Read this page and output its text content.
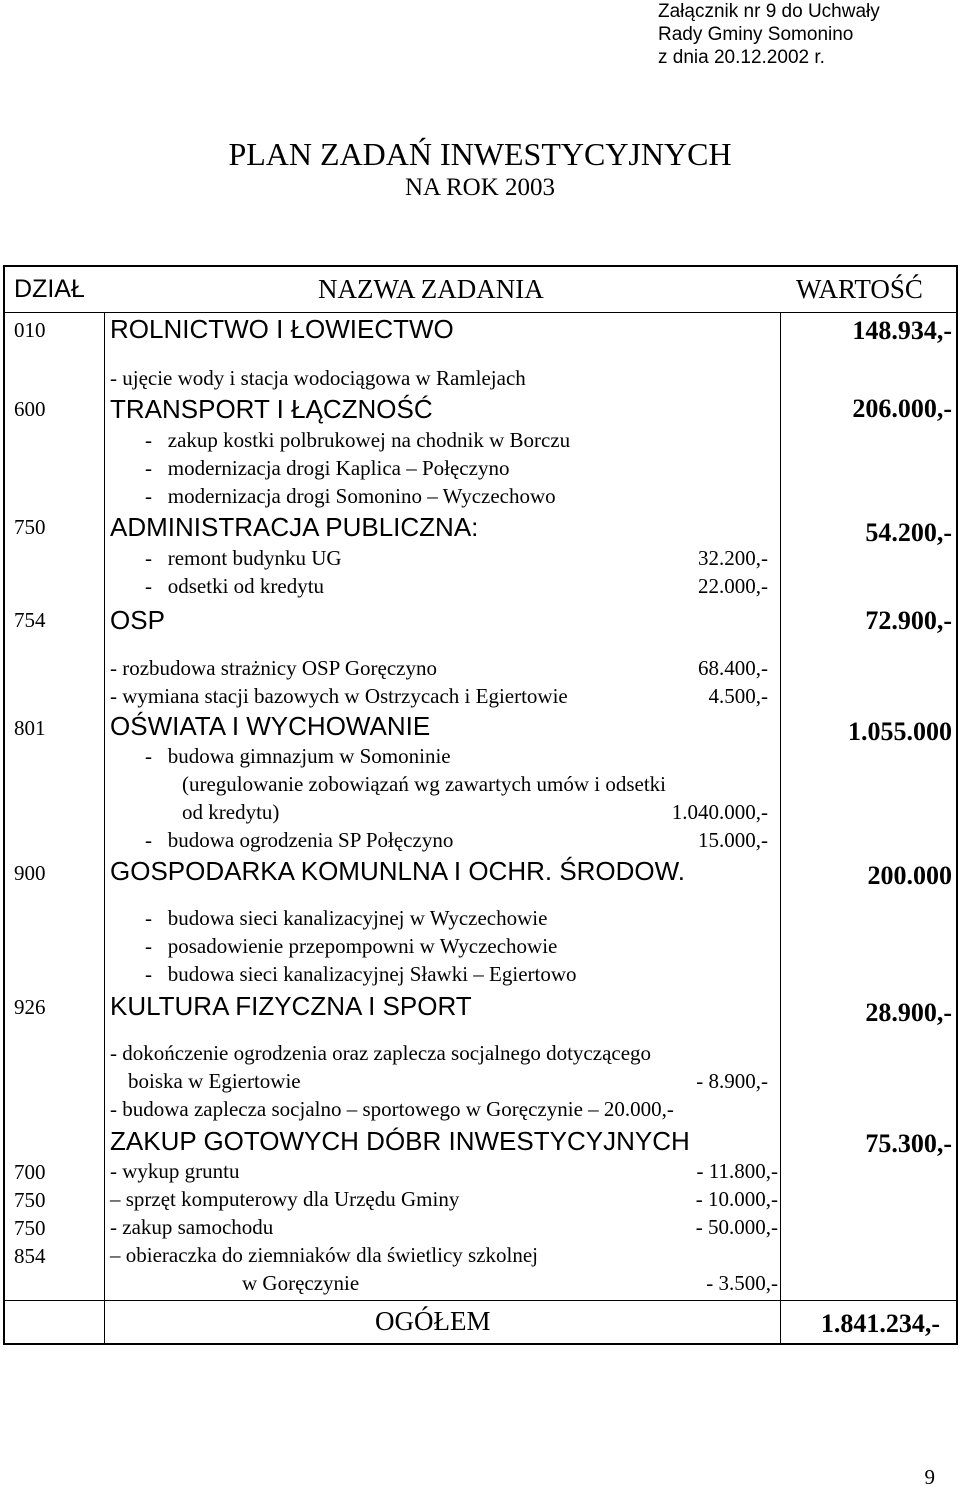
Załącznik nr 9 do Uchwały
Rady Gminy Somonino
z dnia 20.12.2002 r.
PLAN ZADAŃ INWESTYCYJNYCH
NA ROK 2003
DZIAŁ	NAZWA ZADANIA	WARTOŚĆ
010 ROLNICTWO I ŁOWIECTWO	148.934,-
- ujęcie wody i stacja wodociągowa w Ramlejach
600 TRANSPORT I ŁĄCZNOŚĆ	206.000,-
-   zakup kostki polbrukowej na chodnik w Borczu
-   modernizacja drogi Kaplica – Połęczyno
-   modernizacja drogi Somonino – Wyczechowo
750 ADMINISTRACJA PUBLICZNA:	54.200,-
-   remont budynku UG	32.200,-
-   odsetki od kredytu	22.000,-
754 OSP	72.900,-
- rozbudowa strażnicy OSP Goręczyno	68.400,-
- wymiana stacji bazowych w Ostrzycach i Egiertowie	4.500,-
801 OŚWIATA I WYCHOWANIE	1.055.000
-   budowa gimnazjum w Somoninie
(uregulowanie zobowiązań wg zawartych umów i odsetki
od kredytu)	1.040.000,-
-   budowa ogrodzenia SP Połęczyno	15.000,-
900 GOSPODARKA KOMUNLNA I OCHR. ŚRODOW.	200.000
-   budowa sieci kanalizacyjnej w Wyczechowie
-   posadowienie przepompowni w Wyczechowie
-   budowa sieci kanalizacyjnej Sławki – Egiertowo
926 KULTURA FIZYCZNA I SPORT	28.900,-
- dokończenie ogrodzenia oraz zaplecza socjalnego dotyczącego
boiska w Egiertowie	- 8.900,-
- budowa zaplecza socjalno – sportowego w Goręczynie – 20.000,-
ZAKUP GOTOWYCH DÓBR INWESTYCYJNYCH	75.300,-
700	- wykup gruntu	- 11.800,-
750	– sprzęt komputerowy dla Urzędu Gminy	- 10.000,-
750	- zakup samochodu	- 50.000,-
854	– obieraczka do ziemniaków dla świetlicy szkolnej
w Goręczynie	- 3.500,-
OGÓŁEM	1.841.234,-
9
